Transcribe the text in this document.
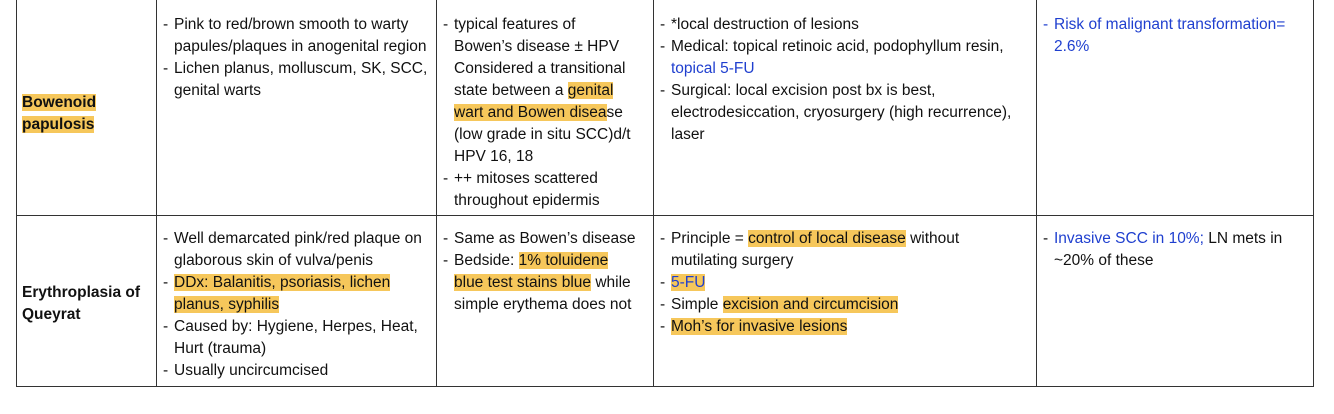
Bowenoid papulosis
- Pink to red/brown smooth to warty papules/plaques in anogenital region
- Lichen planus, molluscum, SK, SCC, genital warts
- typical features of
Bowen’s disease ± HPV
Considered a transitional
state between a genital
wart and Bowen disease
(low grade in situ SCC)d/t
HPV 16, 18
- ++ mitoses scattered
throughout epidermis
- *local destruction of lesions
- Medical: topical retinoic acid, podophyllum resin,
topical 5-FU
- Surgical: local excision post bx is best, electrodesiccation, cryosurgery (high recurrence), laser
- Risk of malignant transformation= 2.6%
Erythroplasia of Queyrat
- Well demarcated pink/red plaque on glaborous skin of vulva/penis
- DDx: Balanitis, psoriasis, lichen
planus, syphilis
- Caused by: Hygiene, Herpes, Heat, Hurt (trauma)
- Usually uncircumcised
- Same as Bowen’s disease
- Bedside: 1% toluidene
blue test stains blue while
simple erythema does not
- Principle = control of local disease without
mutilating surgery
- 5-FU
- Simple excision and circumcision
- Moh’s for invasive lesions
- Invasive SCC in 10%; LN mets in ~20% of these
